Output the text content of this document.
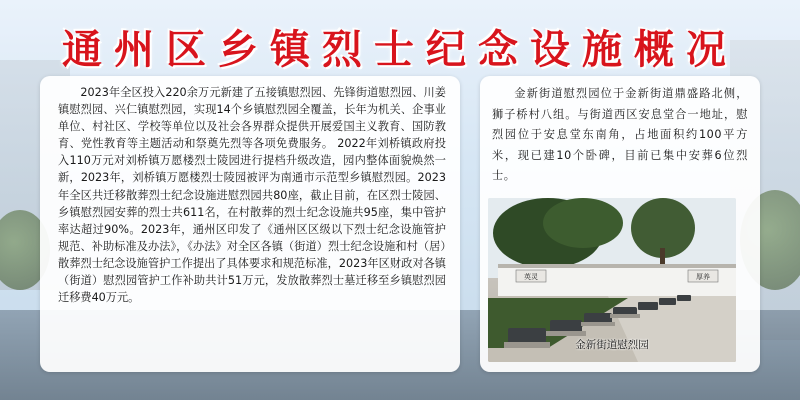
通州区乡镇烈士纪念设施概况

2023年全区投入220余万元新建了五接镇慰烈园、先锋街道慰烈园、川姜镇慰烈园、兴仁镇慰烈园，实现14个乡镇慰烈园全覆盖，长年为机关、企事业单位、村社区、学校等单位以及社会各界群众提供开展爱国主义教育、国防教育、党性教育等主题活动和祭奠先烈等各项免费服务。 2022年刘桥镇政府投入110万元对刘桥镇万愿楼烈士陵园进行提档升级改造，园内整体面貌焕然一新，2023年，刘桥镇万愿楼烈士陵园被评为南通市示范型乡镇慰烈园。2023年全区共迁移散葬烈士纪念设施进慰烈园共80座，截止目前，在区烈士陵园、乡镇慰烈园安葬的烈士共611名，在村散葬的烈士纪念设施共95座，集中管护率达超过90%。2023年，通州区印发了《通州区区级以下烈士纪念设施管护规范、补助标准及办法》，《办法》对全区各镇（街道）烈士纪念设施和村（居）散葬烈士纪念设施管护工作提出了具体要求和规范标准，2023年区财政对各镇（街道）慰烈园管护工作补助共计51万元，发放散葬烈士墓迁移至乡镇慰烈园迁移费40万元。

金新街道慰烈园位于金新街道鼎盛路北侧，狮子桥村八组。与街道西区安息堂合一地址，慰烈园位于安息堂东南角，占地面积约100平方米，现已建10个卧碑，目前已集中安葬6位烈士。

英灵	厚养
金新街道慰烈园
